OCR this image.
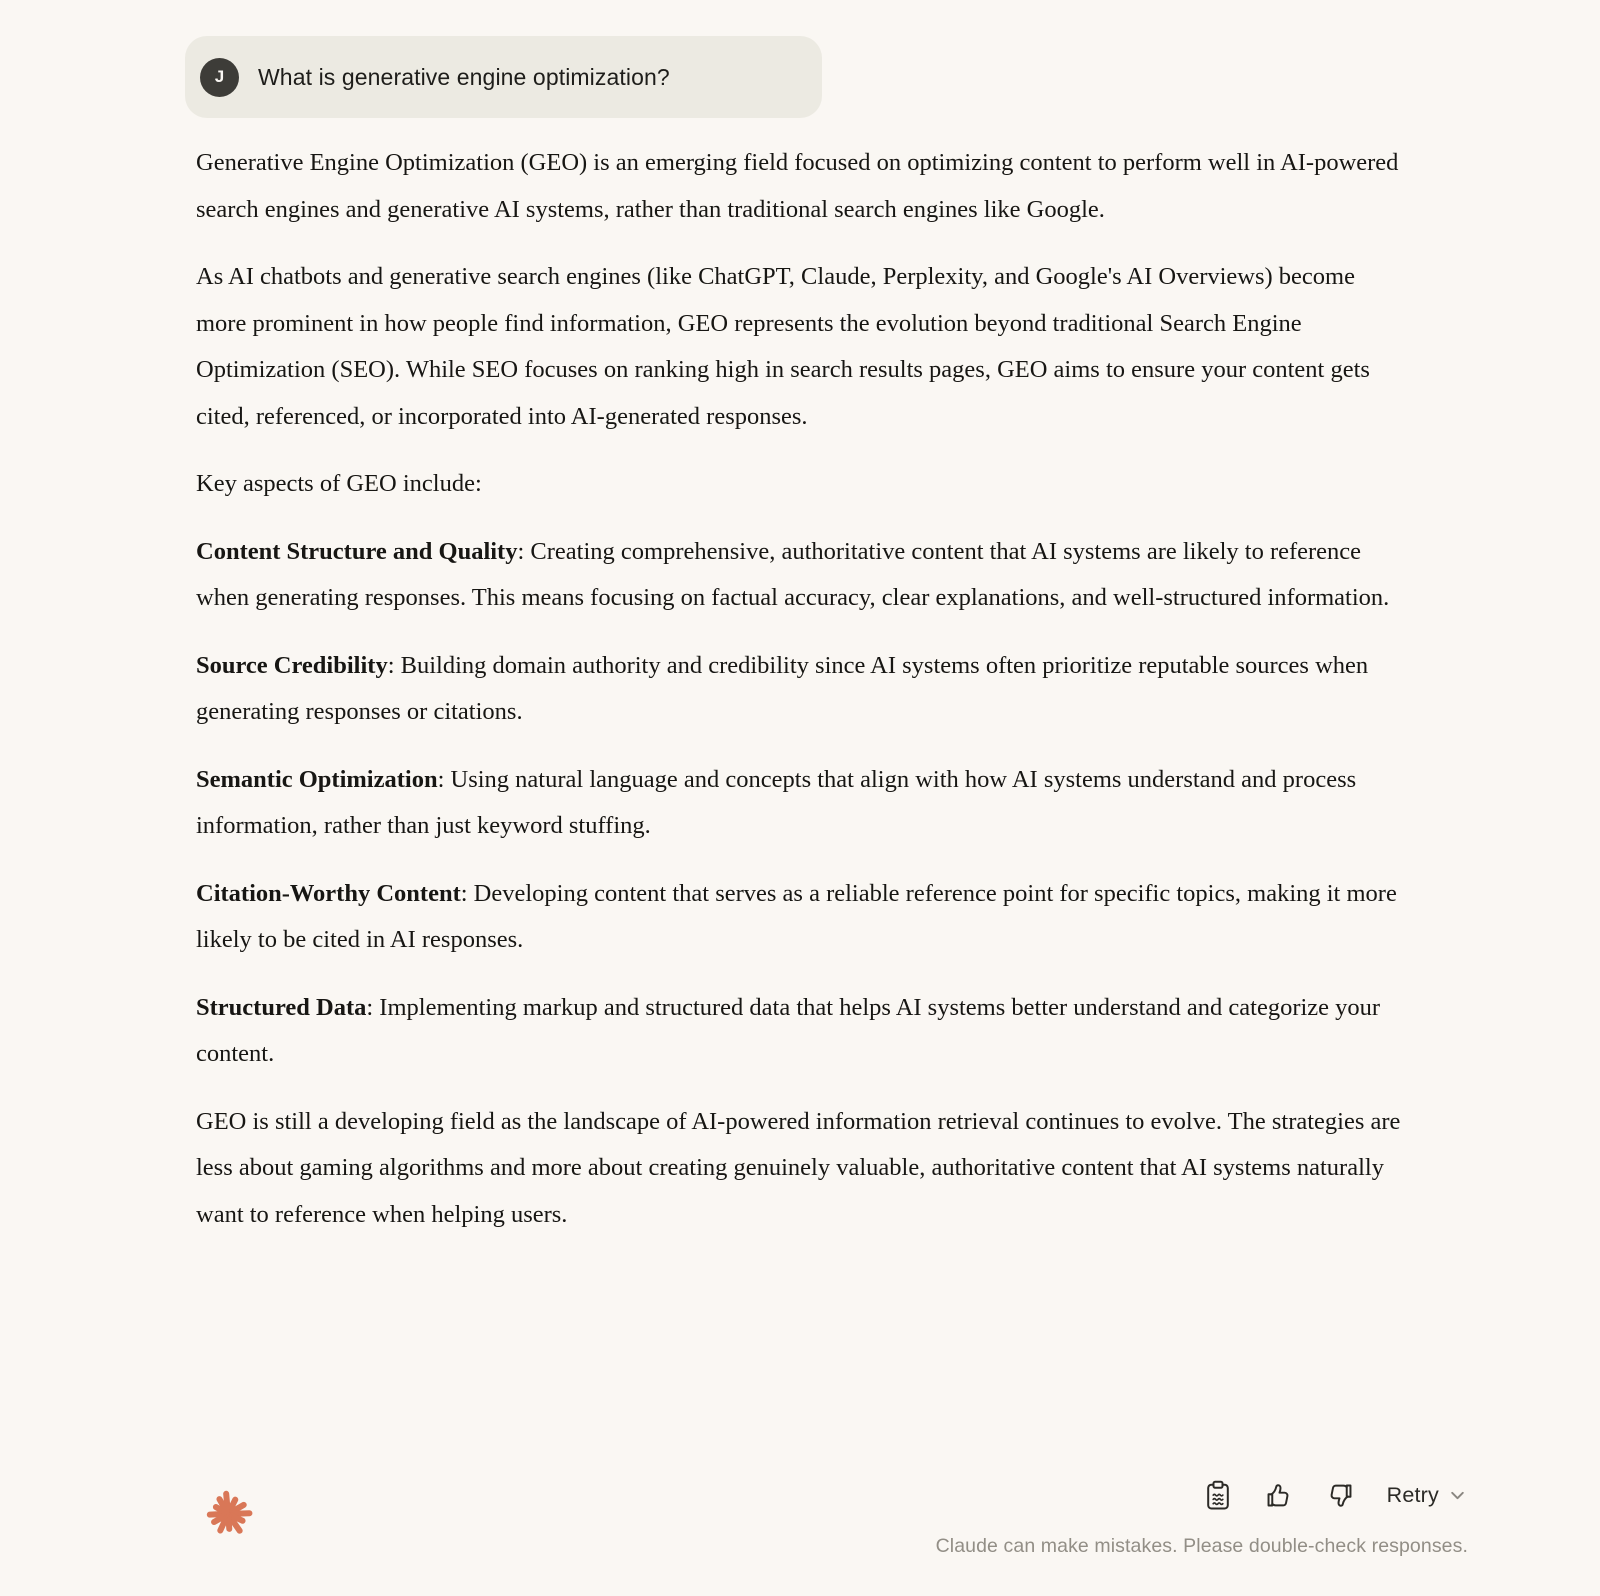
J What is generative engine optimization?

Generative Engine Optimization (GEO) is an emerging field focused on optimizing content to perform well in AI-powered search engines and generative AI systems, rather than traditional search engines like Google.

As AI chatbots and generative search engines (like ChatGPT, Claude, Perplexity, and Google's AI Overviews) become more prominent in how people find information, GEO represents the evolution beyond traditional Search Engine Optimization (SEO). While SEO focuses on ranking high in search results pages, GEO aims to ensure your content gets cited, referenced, or incorporated into AI-generated responses.

Key aspects of GEO include:

Content Structure and Quality: Creating comprehensive, authoritative content that AI systems are likely to reference when generating responses. This means focusing on factual accuracy, clear explanations, and well-structured information.

Source Credibility: Building domain authority and credibility since AI systems often prioritize reputable sources when generating responses or citations.

Semantic Optimization: Using natural language and concepts that align with how AI systems understand and process information, rather than just keyword stuffing.

Citation-Worthy Content: Developing content that serves as a reliable reference point for specific topics, making it more likely to be cited in AI responses.

Structured Data: Implementing markup and structured data that helps AI systems better understand and categorize your content.

GEO is still a developing field as the landscape of AI-powered information retrieval continues to evolve. The strategies are less about gaming algorithms and more about creating genuinely valuable, authoritative content that AI systems naturally want to reference when helping users.

Retry
Claude can make mistakes. Please double-check responses.
